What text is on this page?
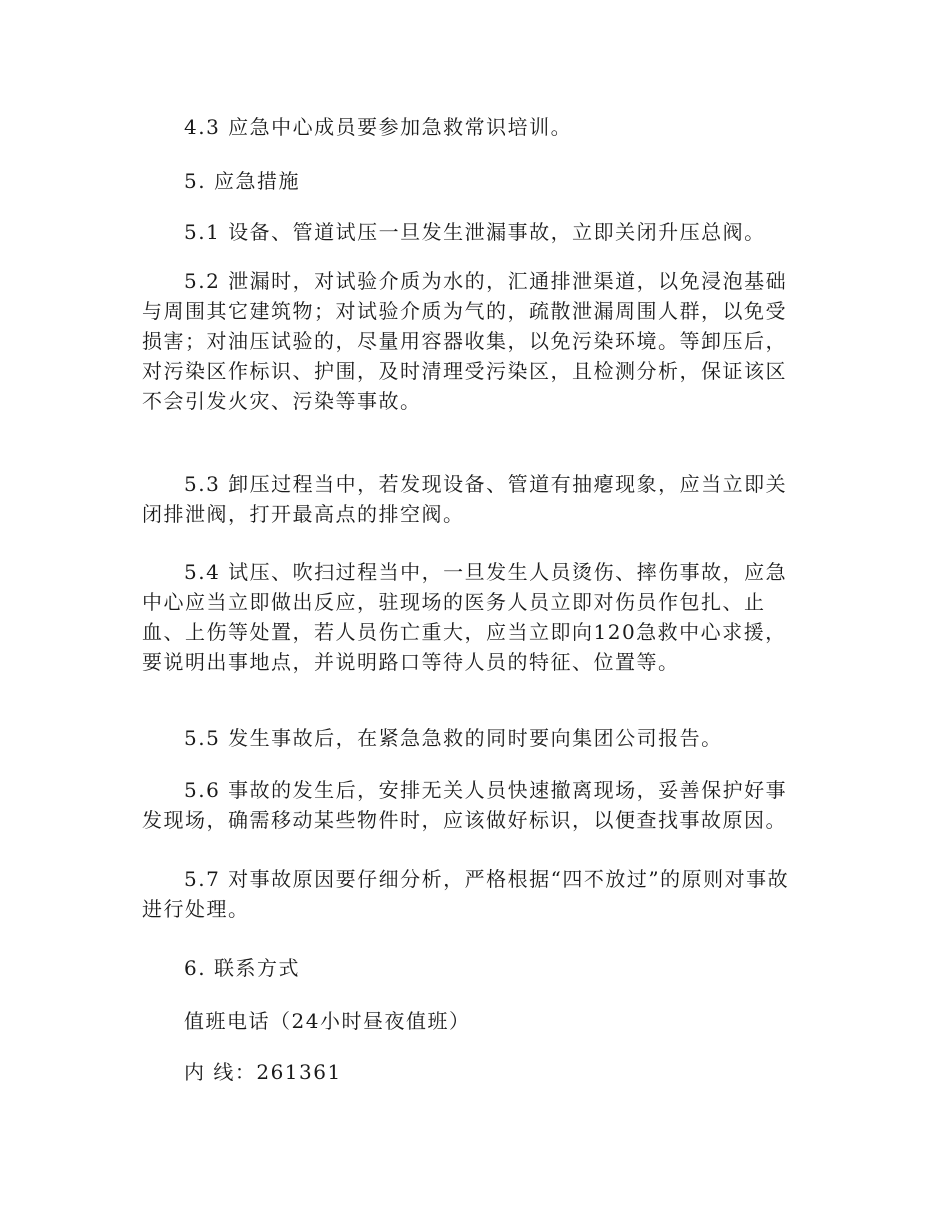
4.3 应急中心成员要参加急救常识培训。

5. 应急措施

5.1 设备、管道试压一旦发生泄漏事故，立即关闭升压总阀。

5.2 泄漏时，对试验介质为水的，汇通排泄渠道，以免浸泡基础与周围其它建筑物；对试验介质为气的，疏散泄漏周围人群，以免受损害；对油压试验的，尽量用容器收集，以免污染环境。等卸压后，对污染区作标识、护围，及时清理受污染区，且检测分析，保证该区不会引发火灾、污染等事故。

5.3 卸压过程当中，若发现设备、管道有抽瘪现象，应当立即关闭排泄阀，打开最高点的排空阀。

5.4 试压、吹扫过程当中，一旦发生人员烫伤、摔伤事故，应急中心应当立即做出反应，驻现场的医务人员立即对伤员作包扎、止血、上伤等处置，若人员伤亡重大，应当立即向120急救中心求援，要说明出事地点，并说明路口等待人员的特征、位置等。

5.5 发生事故后，在紧急急救的同时要向集团公司报告。

5.6 事故的发生后，安排无关人员快速撤离现场，妥善保护好事发现场，确需移动某些物件时，应该做好标识，以便查找事故原因。

5.7 对事故原因要仔细分析，严格根据“四不放过”的原则对事故进行处理。

6. 联系方式

值班电话（24小时昼夜值班）

内 线：261361
